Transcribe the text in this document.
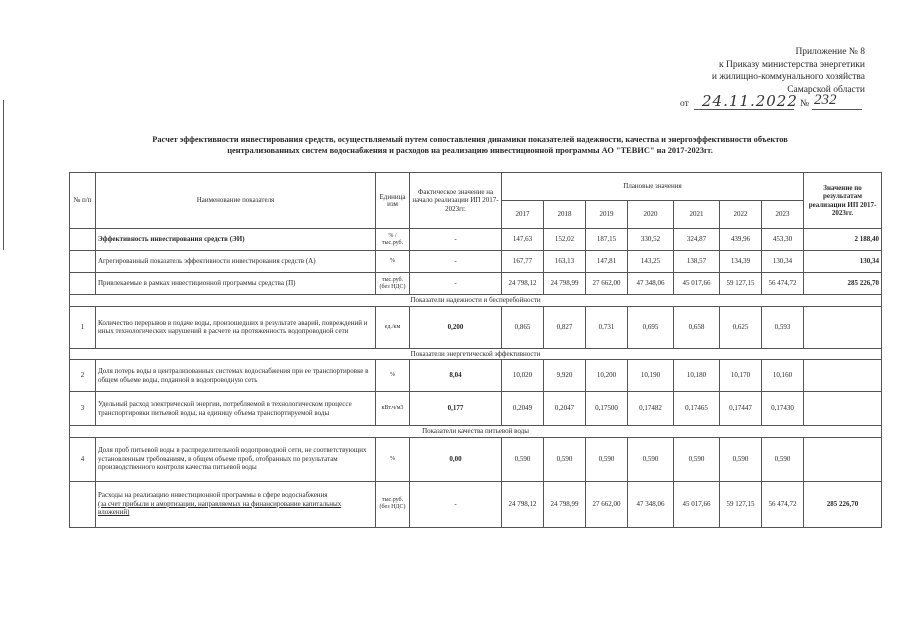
Приложение № 8
к Приказу министерства энергетики
и жилищно-коммунального хозяйства
Самарской области
от 24.11.2022 № 232
Расчет эффективности инвестирования средств, осуществляемый путем сопоставления динамики показателей надежности, качества и энергоэффективности объектов
централизованных систем водоснабжения и расходов на реализацию инвестиционной программы АО "ТЕВИС" на 2017-2023гг.
№ п/п	Наименование показателя	Единица изм	Фактическое значение на начало реализации ИП 2017-2023гг.	Плановые значения							Значение по результатам реализации ИП 2017-2023гг.
				2017	2018	2019	2020	2021	2022	2023	
	Эффективность инвестирования средств (ЭИ)	% /тыс.руб.	-	147,63	152,02	187,15	330,52	324,87	439,96	453,30	2 188,40
	Агрегированный показатель эффективности инвестирования средств (А)	%	-	167,77	163,13	147,81	143,25	138,57	134,39	130,34	130,34
	Привлекаемые в рамках инвестиционной программы средства (П)	тыс.руб. (без НДС)	-	24 798,12	24 798,99	27 662,00	47 348,06	45 017,66	59 127,15	56 474,72	285 226,70
Показатели надежности и бесперебойности											
1	Количество перерывов в подаче воды, произошедших в результате аварий, повреждений и иных технологических нарушений в расчете на протяженность водопроводной сети	ед./км	0,200	0,865	0,827	0,731	0,695	0,658	0,625	0,593	
Показатели энергетической эффективности											
2	Доля потерь воды в централизованных системах водоснабжения при ее транспортировке в общем объеме воды, поданной в водопроводную сеть	%	8,04	10,020	9,920	10,200	10,190	10,180	10,170	10,160	
3	Удельный расход электрической энергии, потребляемой в технологическом процессе транспортировки питьевой воды, на единицу объема транспортируемой воды	кВт.ч/м3	0,177	0,2049	0,2047	0,17500	0,17482	0,17465	0,17447	0,17430	
Показатели качества питьевой воды											
4	Доля проб питьевой воды в распределительной водопроводной сети, не соответствующих установленным требованиям, в общем объеме проб, отобранных по результатам производственного контроля качества питьевой воды	%	0,00	0,590	0,590	0,590	0,590	0,590	0,590	0,590	
	Расходы на реализацию инвестиционной программы в сфере водоснабжения
(за счет прибыли и амортизации, направляемых на финансирование капитальных вложений)	тыс.руб. (без НДС)	-	24 798,12	24 798,99	27 662,00	47 348,06	45 017,66	59 127,15	56 474,72	285 226,70
